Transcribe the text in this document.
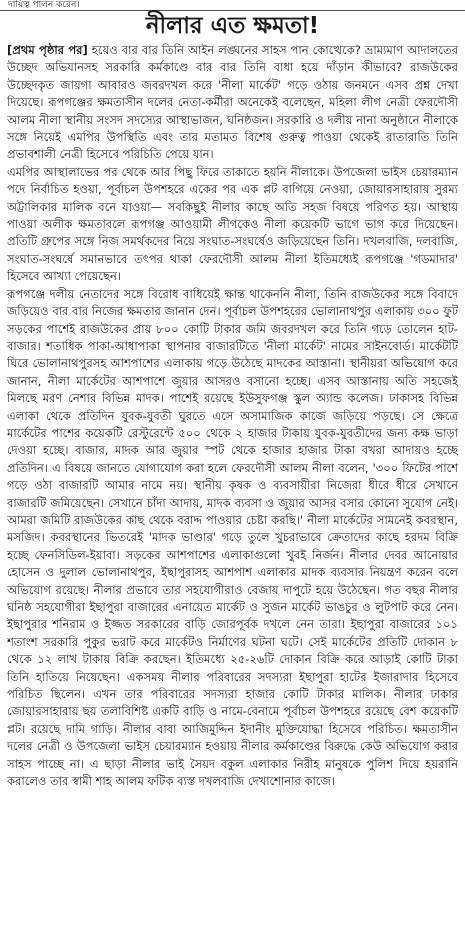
দায়িত্ব পালন করেন।
নীলার এত ক্ষমতা!

[প্রথম পৃষ্ঠার পর] হয়েও বার বার তিনি আইন লঙ্ঘনের সাহস পান কোত্থেকে? ভ্রাম্যমাণ আদালতের উচ্ছেদ অভিযানসহ সরকারি কর্মকাণ্ডে বার বার তিনি বাধা হয়ে দাঁড়ান কীভাবে? রাজউকের উচ্ছেদকৃত জায়গা আবারও জবরদখল করে 'নীলা মার্কেট' গড়ে ওঠায় জনমনে এসব প্রশ্ন দেখা দিয়েছে। রূপগঞ্জের ক্ষমতাসীন দলের নেতা-কর্মীরা অনেকেই বলেছেন, মহিলা লীগ নেত্রী ফেরদৌসী আলম নীলা স্থানীয় সংসদ সদস্যের আস্থাভাজন, ঘনিষ্ঠজন। সরকারি ও দলীয় নানা অনুষ্ঠানে নীলাকে সঙ্গে নিয়েই এমপির উপস্থিতি এবং তার মতামত বিশেষ গুরুত্ব পাওয়া থেকেই রাতারাতি তিনি প্রভাবশালী নেত্রী হিসেবে পরিচিতি পেয়ে যান।

এমপির আস্থালাভের পর থেকে আর পিছু ফিরে তাকাতে হয়নি নীলাকে। উপজেলা ভাইস চেয়ারম্যান পদে নির্বাচিত হওয়া, পূর্বাচল উপশহরে একের পর এক প্লট বাগিয়ে নেওয়া, জোয়ারসাহারায় সুরম্য অট্টালিকার মালিক বনে যাওয়া— সবকিছুই নীলার কাছে অতি সহজ বিষয়ে পরিণত হয়। আস্থায় পাওয়া অলীক ক্ষমতাবলে রূপগঞ্জ আওয়ামী লীগকেও নীলা কয়েকটি ভাগে ভাগ করে দিয়েছেন। প্রতিটি গ্রুপের সঙ্গে নিজ সমর্থকদের নিয়ে সংঘাত-সংঘর্ষেও জড়িয়েছেন তিনি। দখলবাজি, দলবাজি, সংঘাত-সংঘর্ষে সমানভাবে তৎপর থাকা ফেরদৌসী আলম নীলা ইতিমধ্যেই রূপগঞ্জে 'গডমাদার' হিসেবে আখ্যা পেয়েছেন।

রূপগঞ্জে দলীয় নেতাদের সঙ্গে বিরোধ বাধিয়েই ক্ষান্ত থাকেননি নীলা, তিনি রাজউকের সঙ্গে বিবাদে জড়িয়েও বার বার নিজের ক্ষমতার জানান দেন। পূর্বাচল উপশহরের ভোলানাথপুর এলাকায় ৩০০ ফুট সড়কের পাশেই রাজউকের প্রায় ৮০০ কোটি টাকার জমি জবরদখল করে তিনি গড়ে তোলেন হাট-বাজার। শতাধিক পাকা-আধাপাকা স্থাপনার বাজারটিতে 'নীলা মার্কেট' নামের সাইনবোর্ড। মার্কেটটি ঘিরে ভোলানাথপুরসহ আশপাশের এলাকায় গড়ে উঠেছে মাদকের আস্তানা। স্থানীয়রা অভিযোগ করে জানান, নীলা মার্কেটের আশপাশে জুয়ার আসরও বসানো হচ্ছে। এসব আস্তানায় অতি সহজেই মিলছে মরণ নেশার বিভিন্ন মাদক। পাশেই রয়েছে ইউসুফগঞ্জ স্কুল অ্যান্ড কলেজ। ঢাকাসহ বিভিন্ন এলাকা থেকে প্রতিদিন যুবক-যুবতী ঘুরতে এসে অসামাজিক কাজে জড়িয়ে পড়ছে। সে ক্ষেত্রে মার্কেটের পাশের কয়েকটি রেস্টুরেন্টে ৫০০ থেকে ২ হাজার টাকায় যুবক-যুবতীদের জন্য কক্ষ ভাড়া দেওয়া হচ্ছে। বাজার, মাদক আর জুয়ার স্পট থেকে হাজার হাজার টাকা বখরা আদায়ও হচ্ছে প্রতিদিন। এ বিষয়ে জানতে যোগাযোগ করা হলে ফেরদৌসী আলম নীলা বলেন, '৩০০ ফিটের পাশে গড়ে ওঠা বাজারটি আমার নামে নয়। স্থানীয় কৃষক ও ব্যবসায়ীরা নিজেরা ধীরে ধীরে সেখানে বাজারটি জমিয়েছেন। সেখানে চাঁদা আদায়, মাদক ব্যবসা ও জুয়ার আসর বসার কোনো সুযোগ নেই। আমরা জমিটি রাজউকের কাছ থেকে বরাদ্দ পাওয়ার চেষ্টা করছি।' নীলা মার্কেটের সামনেই কবরস্থান, মসজিদ। কবরস্থানের ভিতরেই 'মাদক ভাণ্ডার' গড়ে তুলে খুচরাভাবে ক্রেতাদের কাছে হরদম বিক্রি হচ্ছে ফেনসিডিল-ইয়াবা। সড়কের আশপাশের এলাকাগুলো খুবই নির্জন। নীলার দেবর আনোয়ার হোসেন ও দুলাল ভোলানাথপুর, ইছাপুরাসহ আশপাশ এলাকার মাদক ব্যবসার নিয়ন্ত্রণ করেন বলে অভিযোগ রয়েছে। নীলার প্রভাবে তার সহযোগীরাও বেজায় দাপুটে হয়ে উঠেছেন। গত বছর নীলার ঘনিষ্ঠ সহযোগীরা ইছাপুরা বাজারের এনায়েত মার্কেট ও সুজন মার্কেট ভাঙচুর ও লুটপাট করে নেন। ইছাপুরার শনিরাম ও ইজ্জত সরকারের বাড়ি জোরপূর্বক দখলে নেন তারা। ইছাপুরা বাজারের ১০১ শতাংশ সরকারি পুকুর ভরাট করে মার্কেটও নির্মাণের ঘটনা ঘটে। সেই মার্কেটের প্রতিটি দোকান ৮ থেকে ১২ লাখ টাকায় বিক্রি করছেন। ইতিমধ্যে ২৫-২৬টি দোকান বিক্রি করে আড়াই কোটি টাকা তিনি হাতিয়ে নিয়েছেন। একসময় নীলার পরিবারের সদস্যরা ইছাপুরা হাটের ইজারাদার হিসেবে পরিচিত ছিলেন। এখন তার পরিবারের সদস্যরা হাজার কোটি টাকার মালিক। নীলার ঢাকার জোয়ারসাহারায় ছয় তলাবিশিষ্ট একটি বাড়ি ও নামে-বেনামে পূর্বাচল উপশহরে রয়েছে বেশ কয়েকটি প্লট। রয়েছে দামি গাড়ি। নীলার বাবা আজিমুদ্দিন ইদানীং মুক্তিযোদ্ধা হিসেবে পরিচিত। ক্ষমতাসীন দলের নেত্রী ও উপজেলা ভাইস চেয়ারম্যান হওয়ায় নীলার কর্মকাণ্ডের বিরুদ্ধে কেউ অভিযোগ করার সাহস পাচ্ছে না। এ ছাড়া নীলার ভাই সৈয়দ বকুল এলাকার নিরীহ মানুষকে পুলিশ দিয়ে হয়রানি করালেও তার স্বামী শাহ আলম ফটিক ব্যস্ত দখলবাজি দেখাশোনার কাজে।
